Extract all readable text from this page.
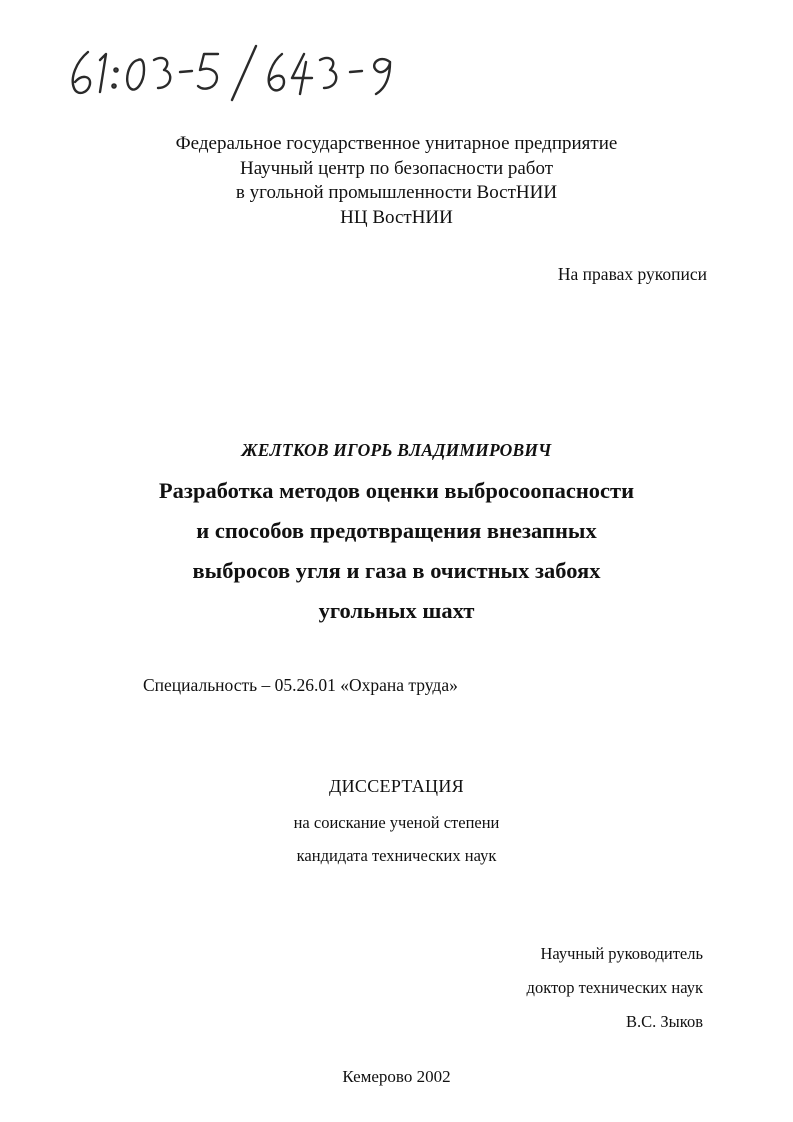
Федеральное государственное унитарное предприятие
Научный центр по безопасности работ
в угольной промышленности ВостНИИ
НЦ ВостНИИ
На правах рукописи
ЖЕЛТКОВ ИГОРЬ ВЛАДИМИРОВИЧ
Разработка методов оценки выбросоопасности
и способов предотвращения внезапных
выбросов угля и газа в очистных забоях
угольных шахт
Специальность – 05.26.01 «Охрана труда»
ДИССЕРТАЦИЯ
на соискание ученой степени
кандидата технических наук
Научный руководитель
доктор технических наук
В.С. Зыков
Кемерово 2002
